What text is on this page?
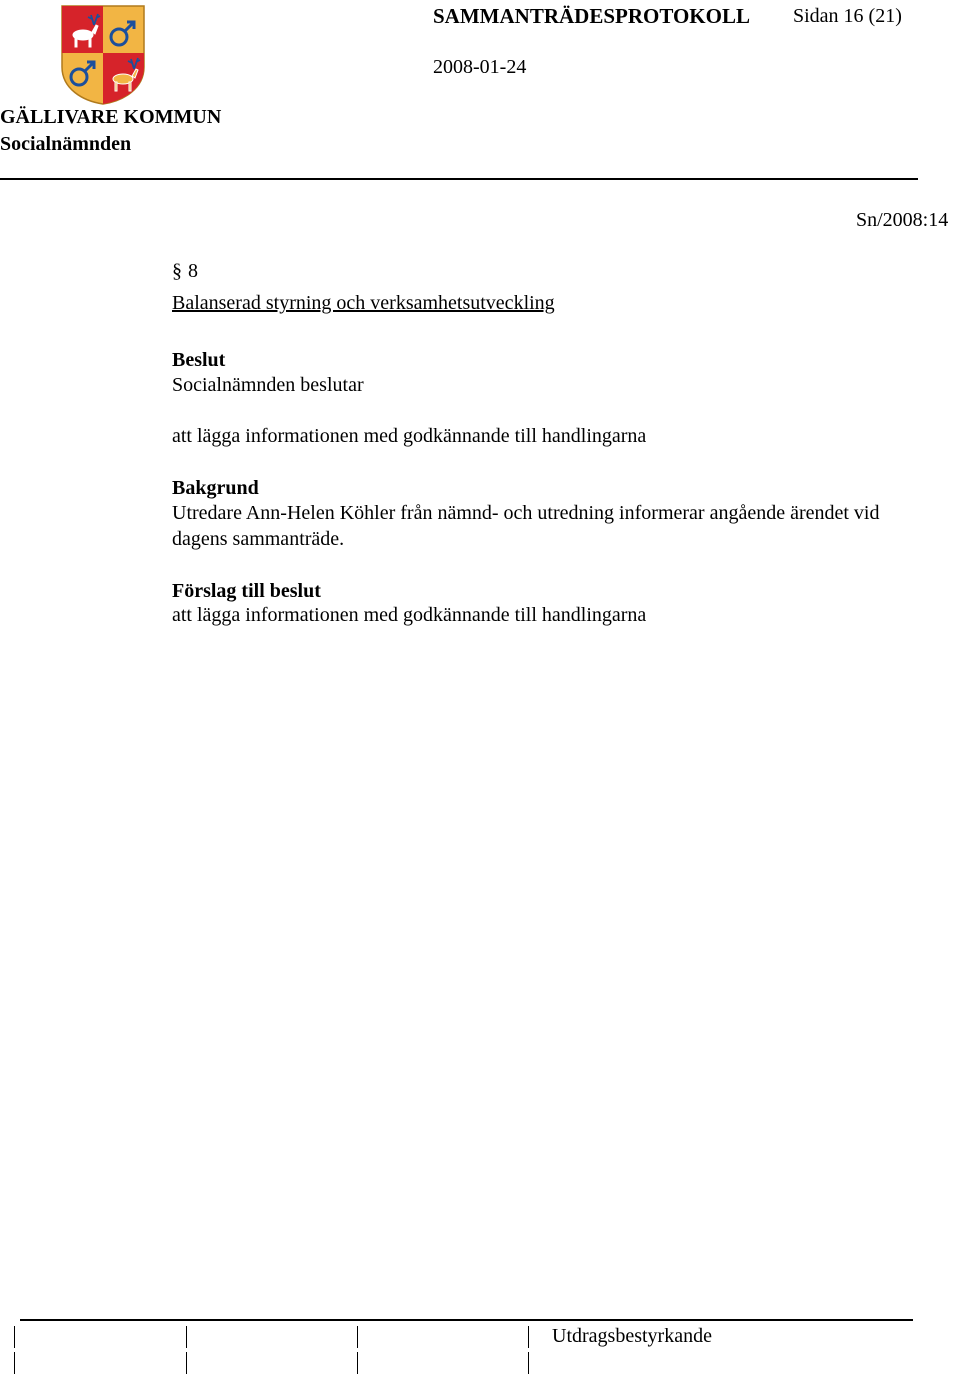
SAMMANTRÄDESPROTOKOLL Sidan 16 (21)
2008-01-24
GÄLLIVARE KOMMUN
Socialnämnden
Sn/2008:14
§ 8
Balanserad styrning och verksamhetsutveckling
Beslut
Socialnämnden beslutar
att lägga informationen med godkännande till handlingarna
Bakgrund
Utredare Ann-Helen Köhler från nämnd- och utredning informerar angående ärendet vid
dagens sammanträde.
Förslag till beslut
att lägga informationen med godkännande till handlingarna
Utdragsbestyrkande
